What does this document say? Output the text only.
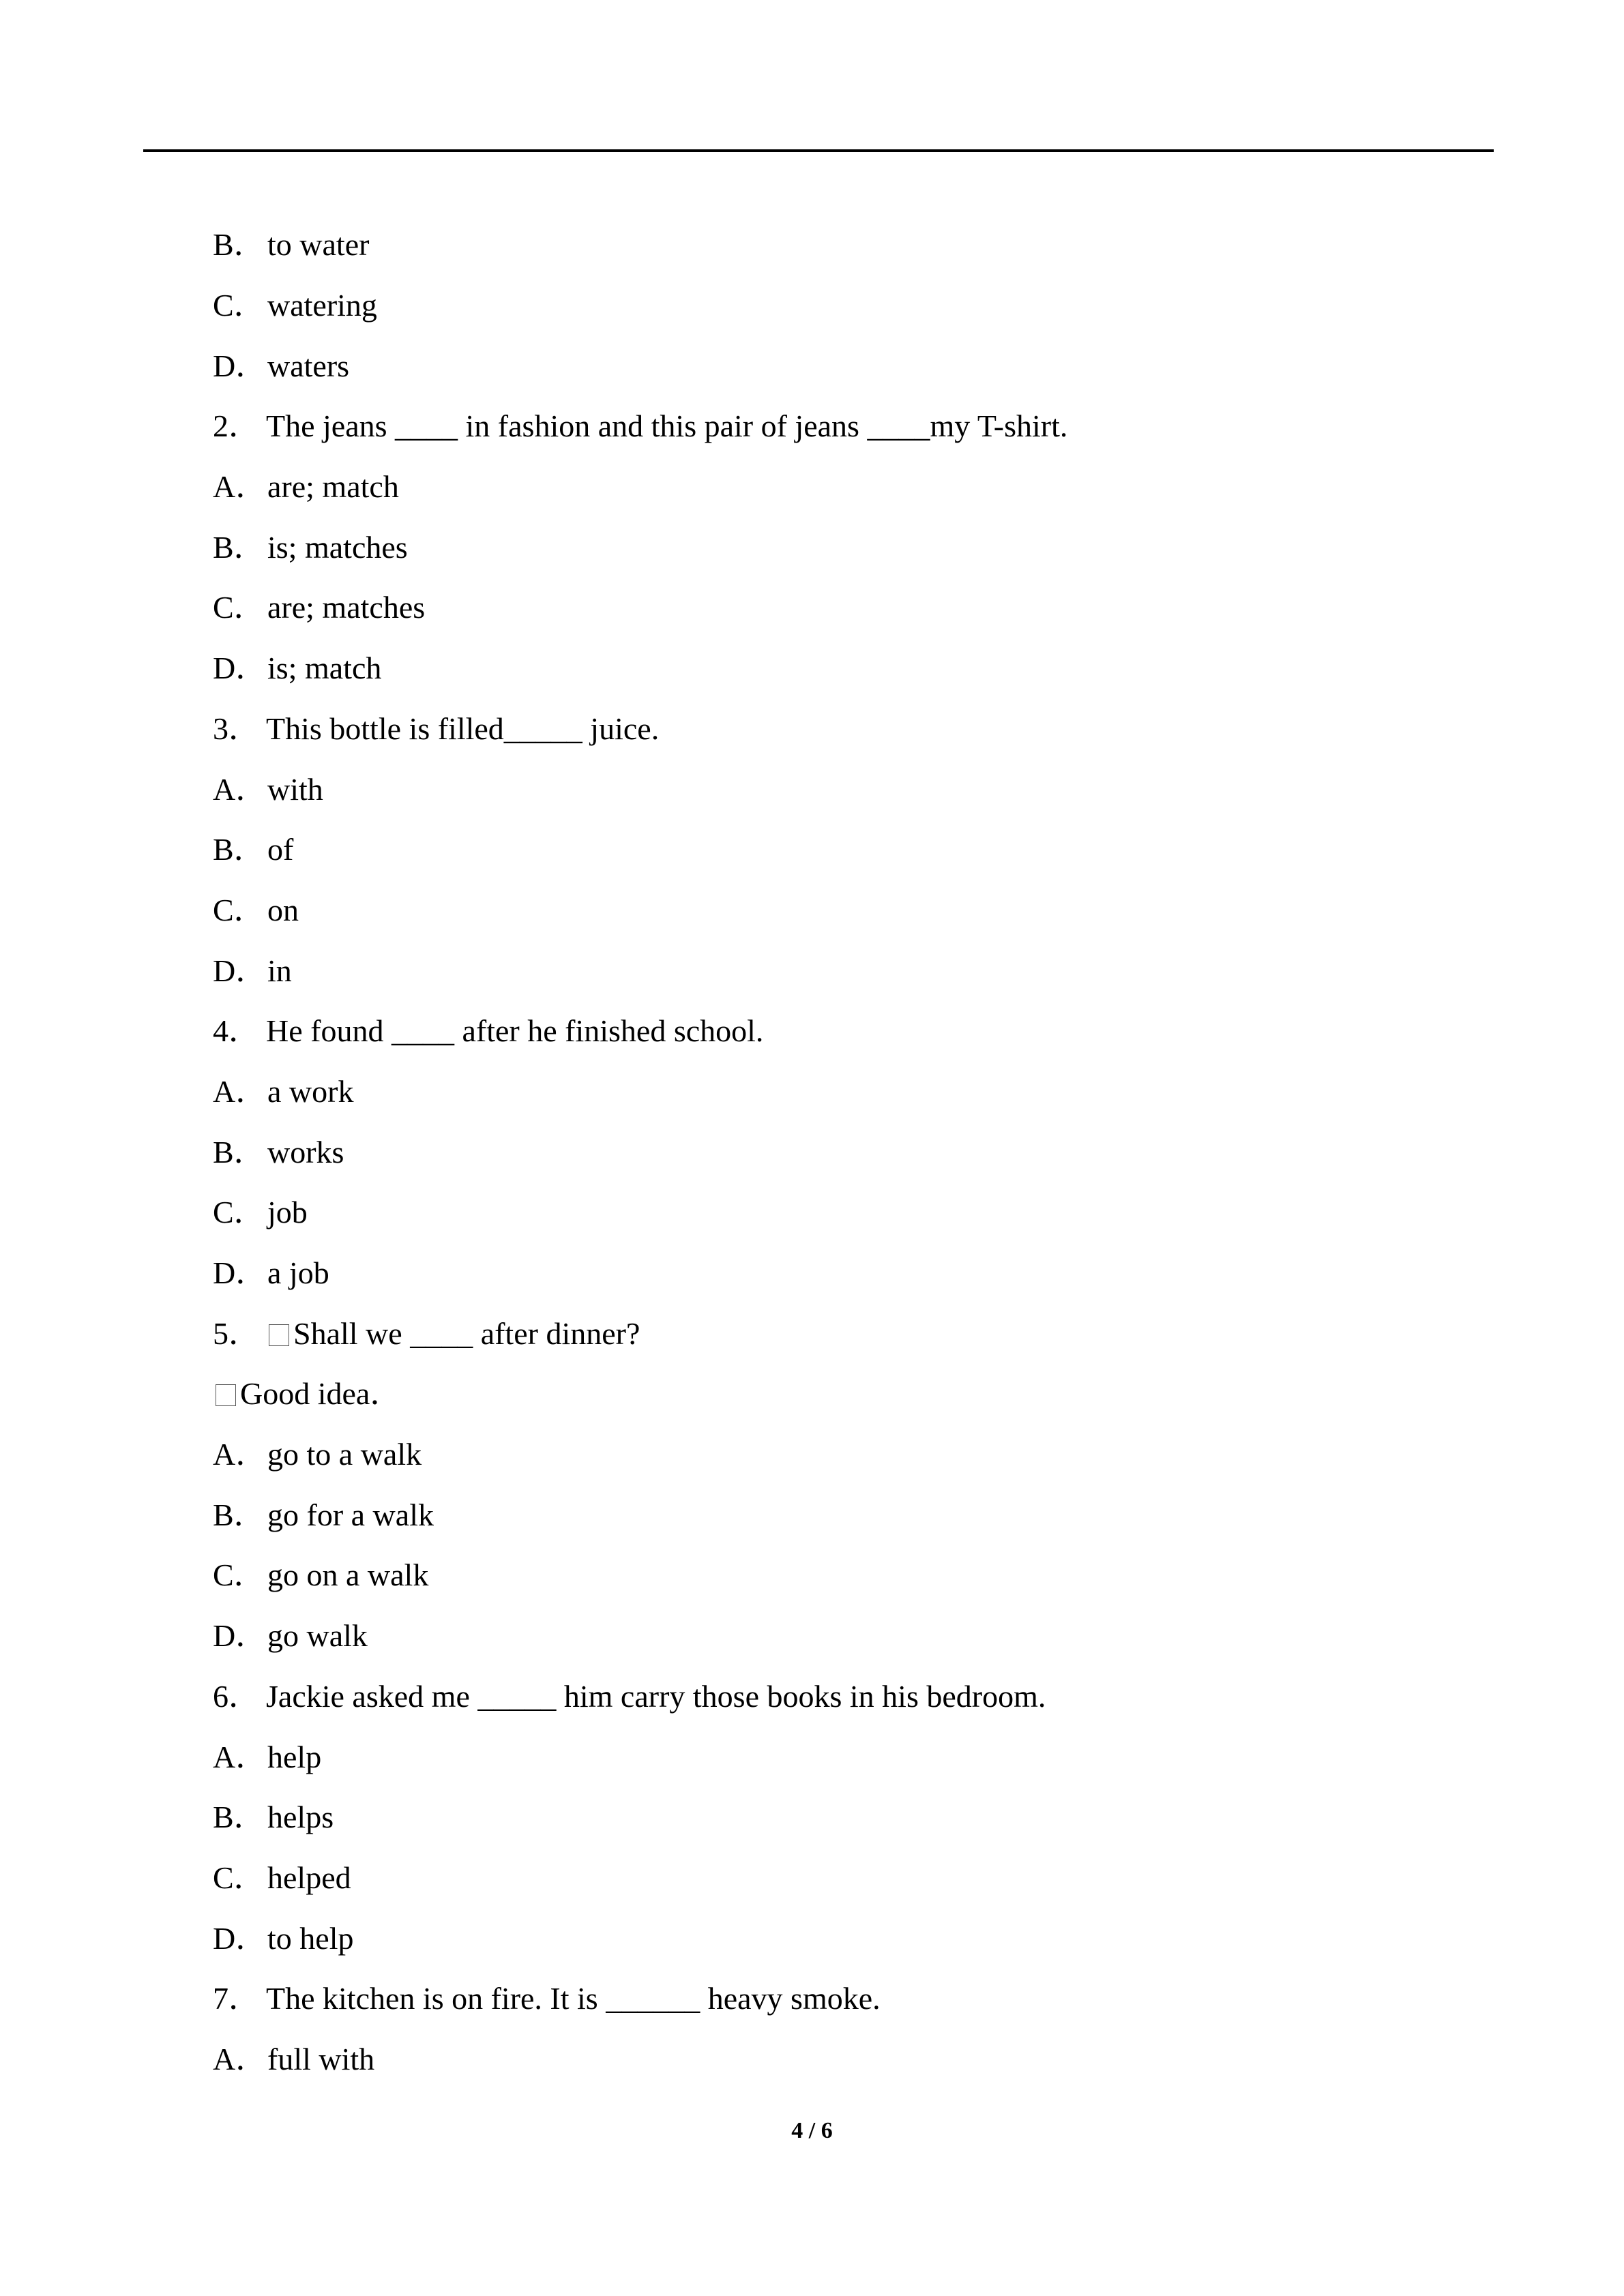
B． to water
C． watering
D． waters
2． The jeans ____ in fashion and this pair of jeans ____my T-shirt.
A． are; match
B． is; matches
C． are; matches
D． is; match
3． This bottle is filled_____ juice.
A． with
B． of
C． on
D． in
4． He found ____ after he finished school.
A． a work
B． works
C． job
D． a job
5． Shall we ____ after dinner?
Good idea．
A． go to a walk
B． go for a walk
C． go on a walk
D． go walk
6． Jackie asked me _____ him carry those books in his bedroom.
A． help
B． helps
C． helped
D． to help
7． The kitchen is on fire. It is ______ heavy smoke.
A． full with
4 / 6
